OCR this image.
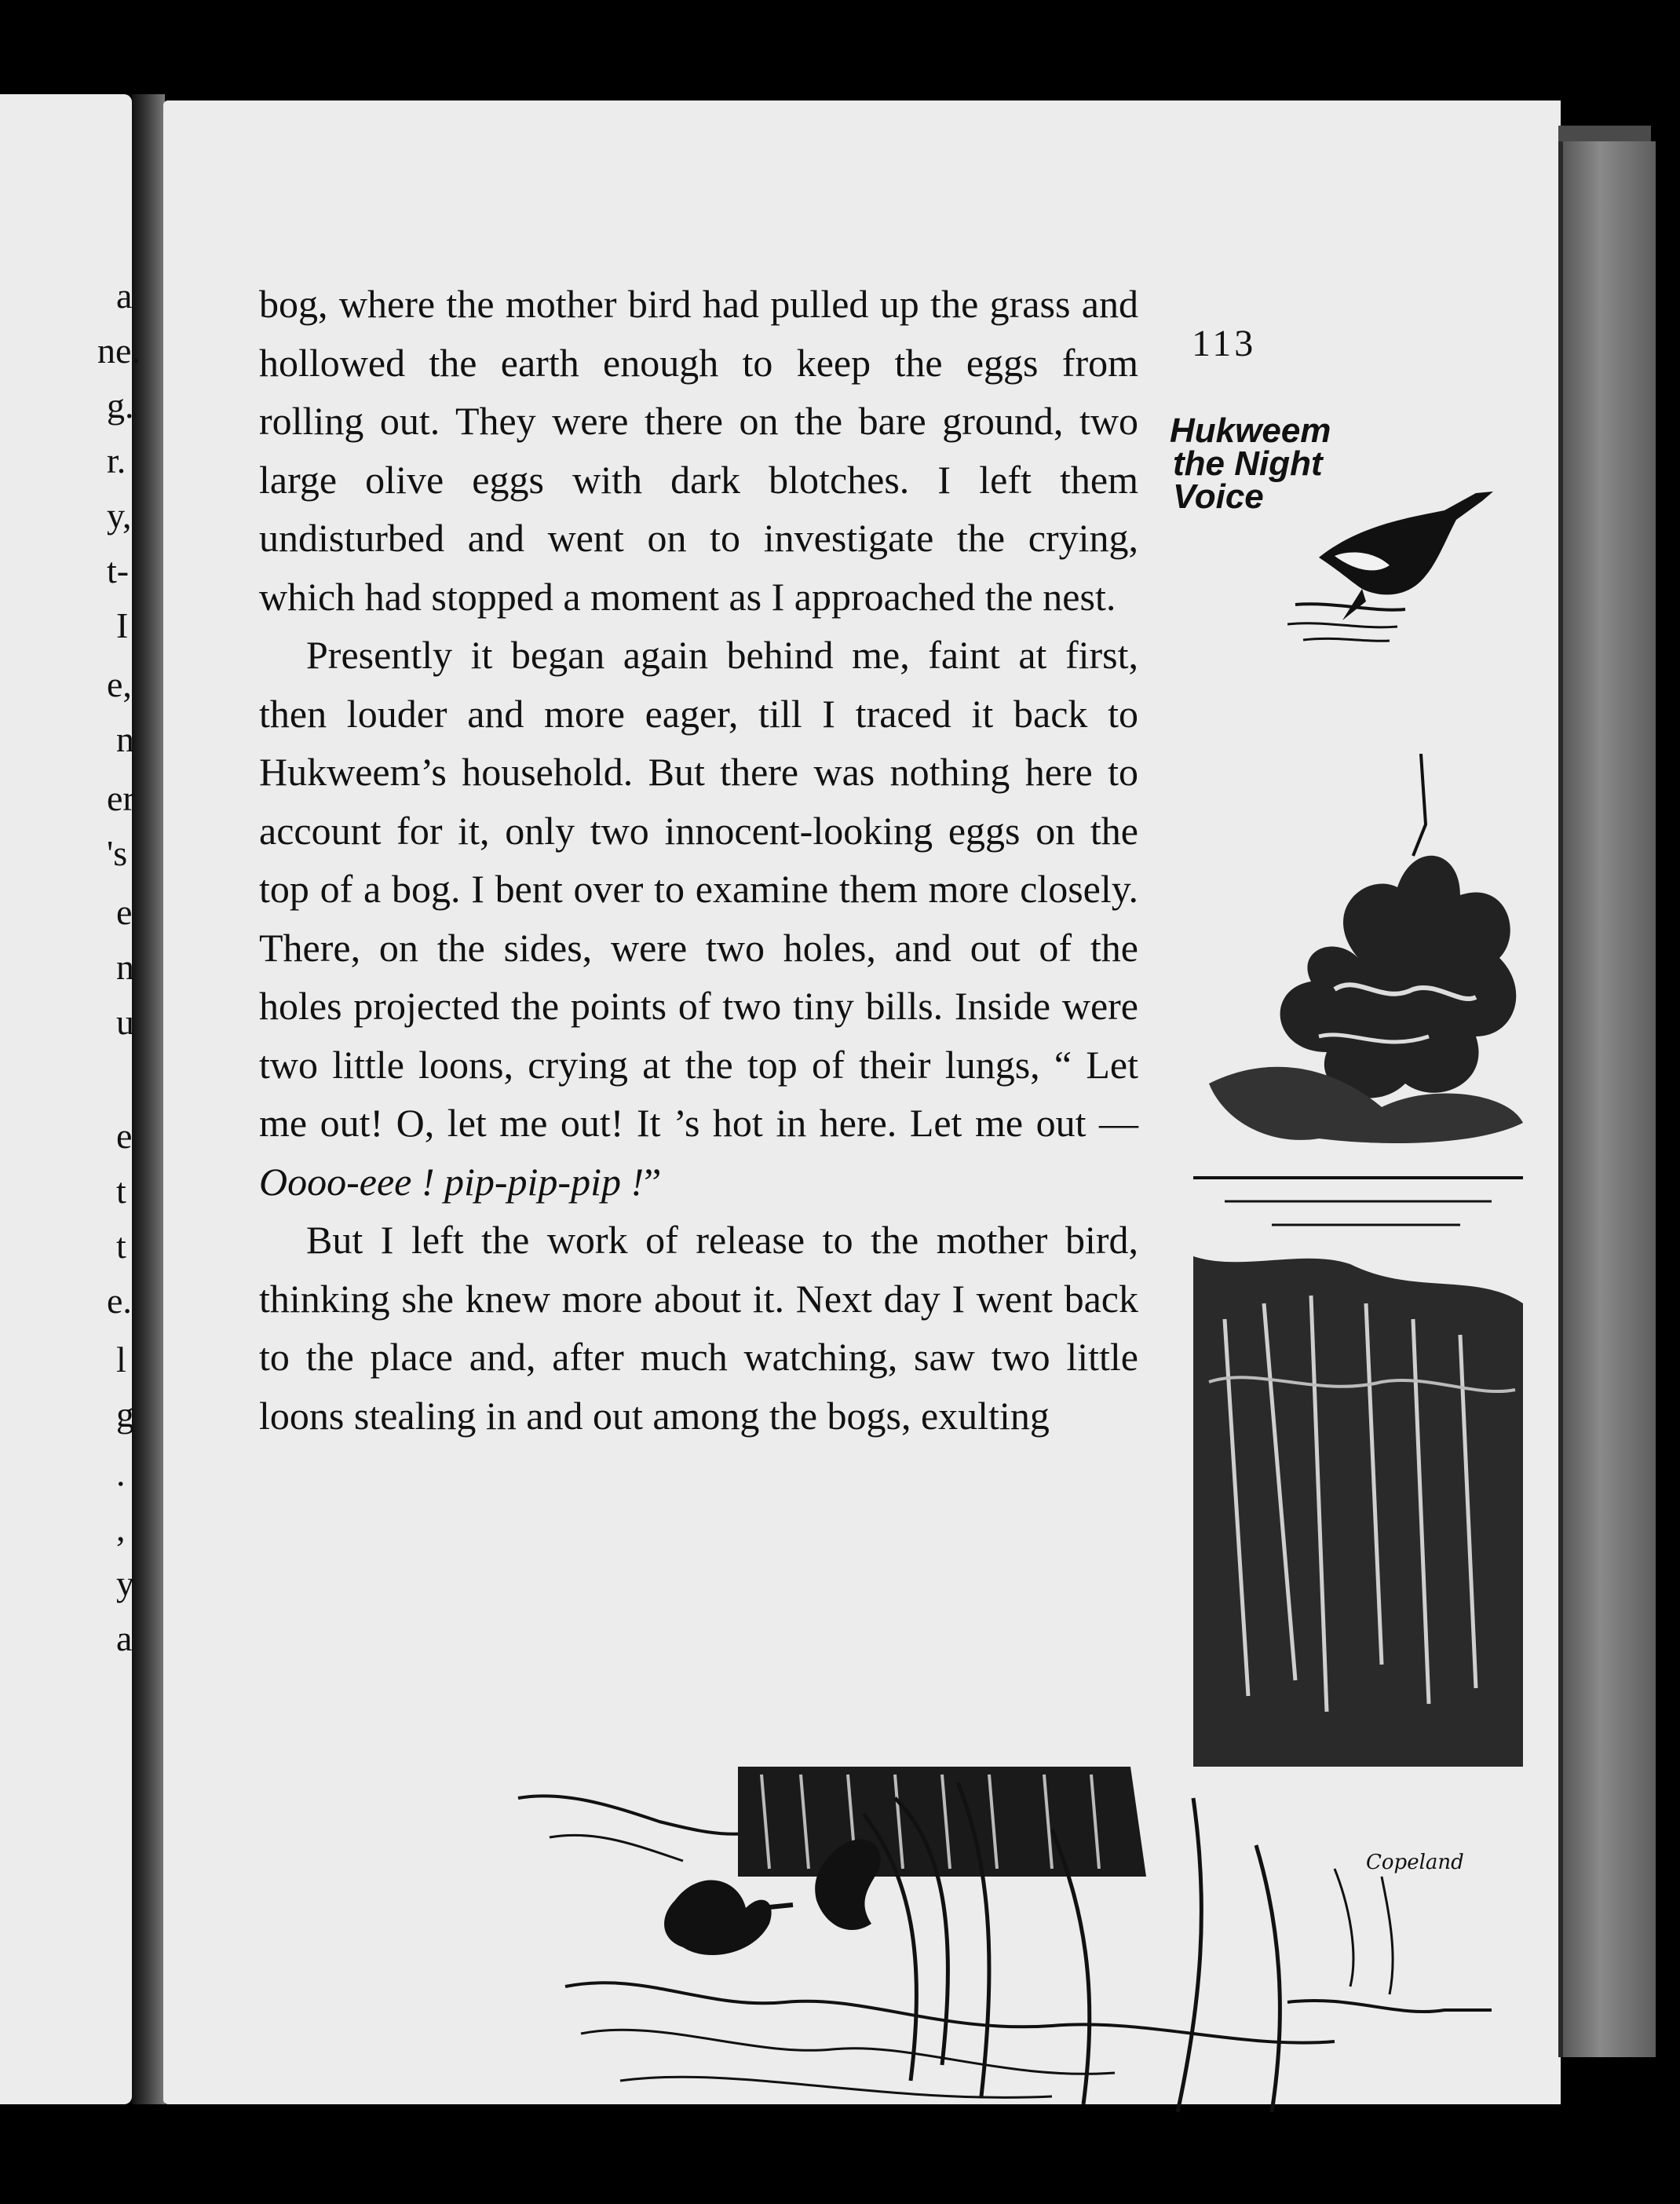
a
ne.
g.
r.
y,
t-
I
e,
n
er
's
e
n
u
e
t
t
e.
l
g
.
,
y
a
113
Hukweem
the Night
Voice
Copeland

bog, where the mother bird had pulled up the grass and hollowed the earth enough to keep the eggs from rolling out. They were there on the bare ground, two large olive eggs with dark blotches. I left them undisturbed and went on to investigate the crying, which had stopped a moment as I approached the nest.

Presently it began again behind me, faint at first, then louder and more eager, till I traced it back to Hukweem’s household. But there was nothing here to account for it, only two innocent-looking eggs on the top of a bog. I bent over to examine them more closely. There, on the sides, were two holes, and out of the holes projected the points of two tiny bills. Inside were two little loons, crying at the top of their lungs, “ Let me out! O, let me out! It ’s hot in here. Let me out — Oooo-eee ! pip-pip-pip !”

But I left the work of release to the mother bird, thinking she knew more about it. Next day I went back to the place and, after much watching, saw two little loons stealing in and out among the bogs, exulting
